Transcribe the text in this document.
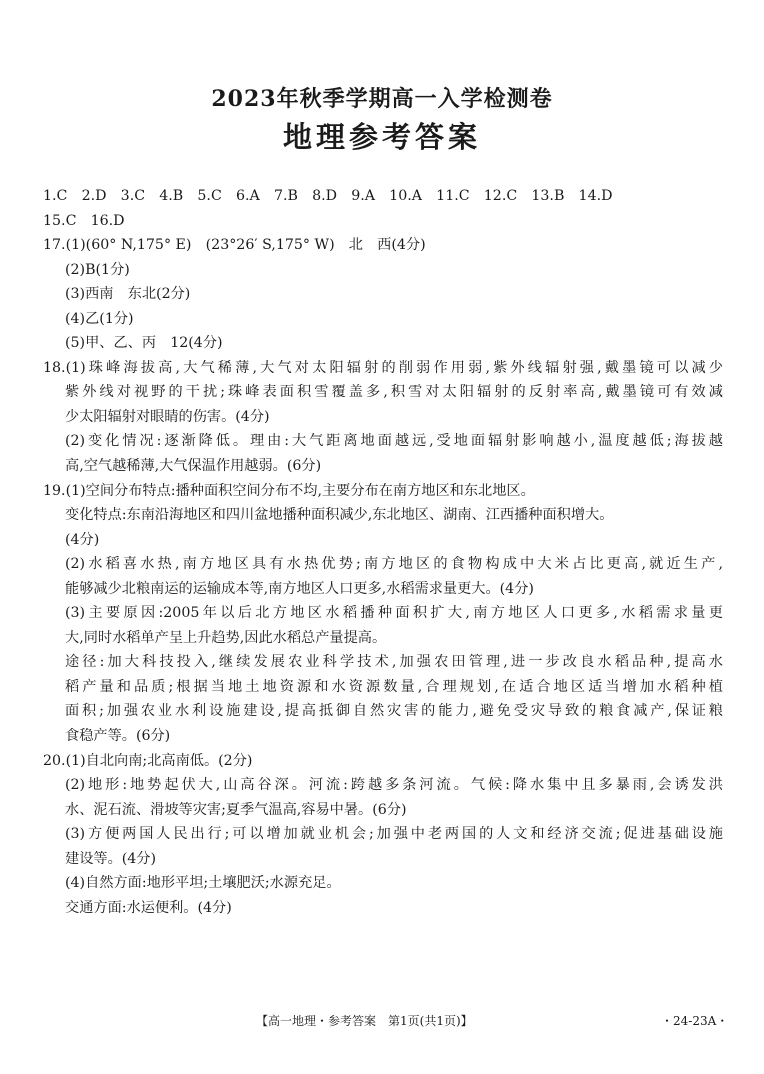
2023年秋季学期高一入学检测卷
地理参考答案
1.C　2.D　3.C　4.B　5.C　6.A　7.B　8.D　9.A　10.A　11.C　12.C　13.B　14.D
15.C　16.D
17.(1)(60° N,175° E)　(23°26′ S,175° W)　北　西(4分)
(2)B(1分)
(3)西南　东北(2分)
(4)乙(1分)
(5)甲、乙、丙　12(4分)
18.(1)珠峰海拔高,大气稀薄,大气对太阳辐射的削弱作用弱,紫外线辐射强,戴墨镜可以减少
紫外线对视野的干扰;珠峰表面积雪覆盖多,积雪对太阳辐射的反射率高,戴墨镜可有效减
少太阳辐射对眼睛的伤害。(4分)
(2)变化情况:逐渐降低。理由:大气距离地面越远,受地面辐射影响越小,温度越低;海拔越
高,空气越稀薄,大气保温作用越弱。(6分)
19.(1)空间分布特点:播种面积空间分布不均,主要分布在南方地区和东北地区。
变化特点:东南沿海地区和四川盆地播种面积减少,东北地区、湖南、江西播种面积增大。
(4分)
(2)水稻喜水热,南方地区具有水热优势;南方地区的食物构成中大米占比更高,就近生产,
能够减少北粮南运的运输成本等,南方地区人口更多,水稻需求量更大。(4分)
(3)主要原因:2005年以后北方地区水稻播种面积扩大,南方地区人口更多,水稻需求量更
大,同时水稻单产呈上升趋势,因此水稻总产量提高。
途径:加大科技投入,继续发展农业科学技术,加强农田管理,进一步改良水稻品种,提高水
稻产量和品质;根据当地土地资源和水资源数量,合理规划,在适合地区适当增加水稻种植
面积;加强农业水利设施建设,提高抵御自然灾害的能力,避免受灾导致的粮食减产,保证粮
食稳产等。(6分)
20.(1)自北向南;北高南低。(2分)
(2)地形:地势起伏大,山高谷深。河流:跨越多条河流。气候:降水集中且多暴雨,会诱发洪
水、泥石流、滑坡等灾害;夏季气温高,容易中暑。(6分)
(3)方便两国人民出行;可以增加就业机会;加强中老两国的人文和经济交流;促进基础设施
建设等。(4分)
(4)自然方面:地形平坦;土壤肥沃;水源充足。
交通方面:水运便利。(4分)
【高一地理・参考答案　第1页(共1页)】	・24-23A・
